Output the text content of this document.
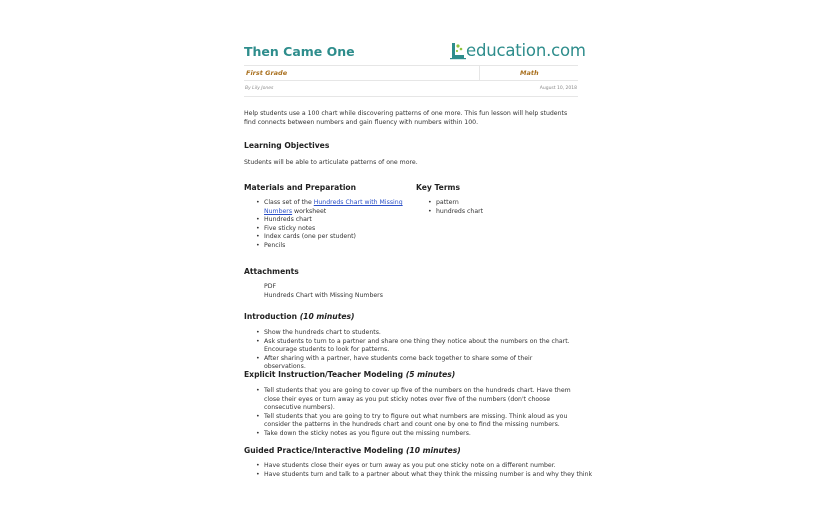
Then Came One	education.com
First Grade	Math
By Lily Jones	August 10, 2018
Help students use a 100 chart while discovering patterns of one more. This fun lesson will help students find connects between numbers and gain fluency with numbers within 100.
Learning Objectives
Students will be able to articulate patterns of one more.
Materials and Preparation
• Class set of the Hundreds Chart with Missing Numbers worksheet
• Hundreds chart
• Five sticky notes
• Index cards (one per student)
• Pencils
Key Terms
• pattern
• hundreds chart
Attachments
PDF
Hundreds Chart with Missing Numbers
Introduction (10 minutes)
• Show the hundreds chart to students.
• Ask students to turn to a partner and share one thing they notice about the numbers on the chart. Encourage students to look for patterns.
• After sharing with a partner, have students come back together to share some of their observations.
Explicit Instruction/Teacher Modeling (5 minutes)
• Tell students that you are going to cover up five of the numbers on the hundreds chart. Have them close their eyes or turn away as you put sticky notes over five of the numbers (don't choose consecutive numbers).
• Tell students that you are going to try to figure out what numbers are missing. Think aloud as you consider the patterns in the hundreds chart and count one by one to find the missing numbers.
• Take down the sticky notes as you figure out the missing numbers.
Guided Practice/Interactive Modeling (10 minutes)
• Have students close their eyes or turn away as you put one sticky note on a different number.
• Have students turn and talk to a partner about what they think the missing number is and why they think
